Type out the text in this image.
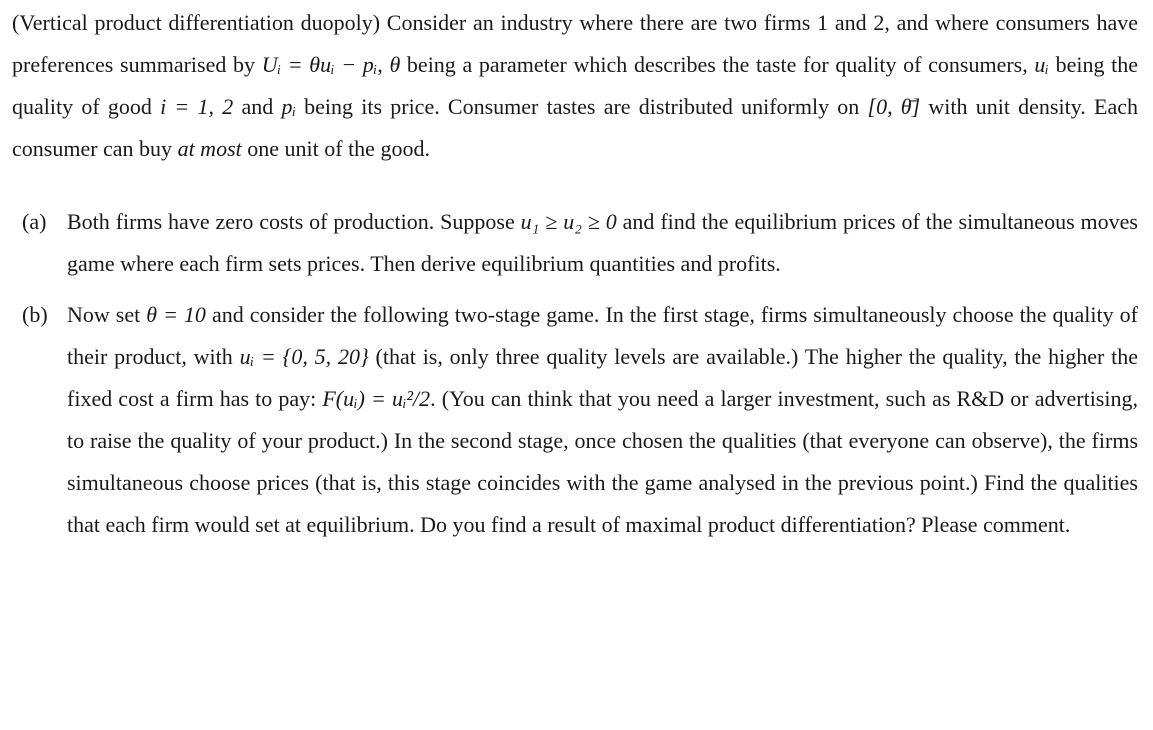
(Vertical product differentiation duopoly) Consider an industry where there are two firms 1 and 2, and where consumers have preferences summarised by Uᵢ = θuᵢ − pᵢ, θ being a parameter which describes the taste for quality of consumers, uᵢ being the quality of good i = 1, 2 and pᵢ being its price. Consumer tastes are distributed uniformly on [0, θ̄] with unit density. Each consumer can buy at most one unit of the good.

(a) Both firms have zero costs of production. Suppose u₁ ≥ u₂ ≥ 0 and find the equilibrium prices of the simultaneous moves game where each firm sets prices. Then derive equilibrium quantities and profits.
(b) Now set θ = 10 and consider the following two-stage game. In the first stage, firms simultaneously choose the quality of their product, with uᵢ = {0, 5, 20} (that is, only three quality levels are available.) The higher the quality, the higher the fixed cost a firm has to pay: F(uᵢ) = uᵢ²/2. (You can think that you need a larger investment, such as R&D or advertising, to raise the quality of your product.) In the second stage, once chosen the qualities (that everyone can observe), the firms simultaneous choose prices (that is, this stage coincides with the game analysed in the previous point.) Find the qualities that each firm would set at equilibrium. Do you find a result of maximal product differentiation? Please comment.
